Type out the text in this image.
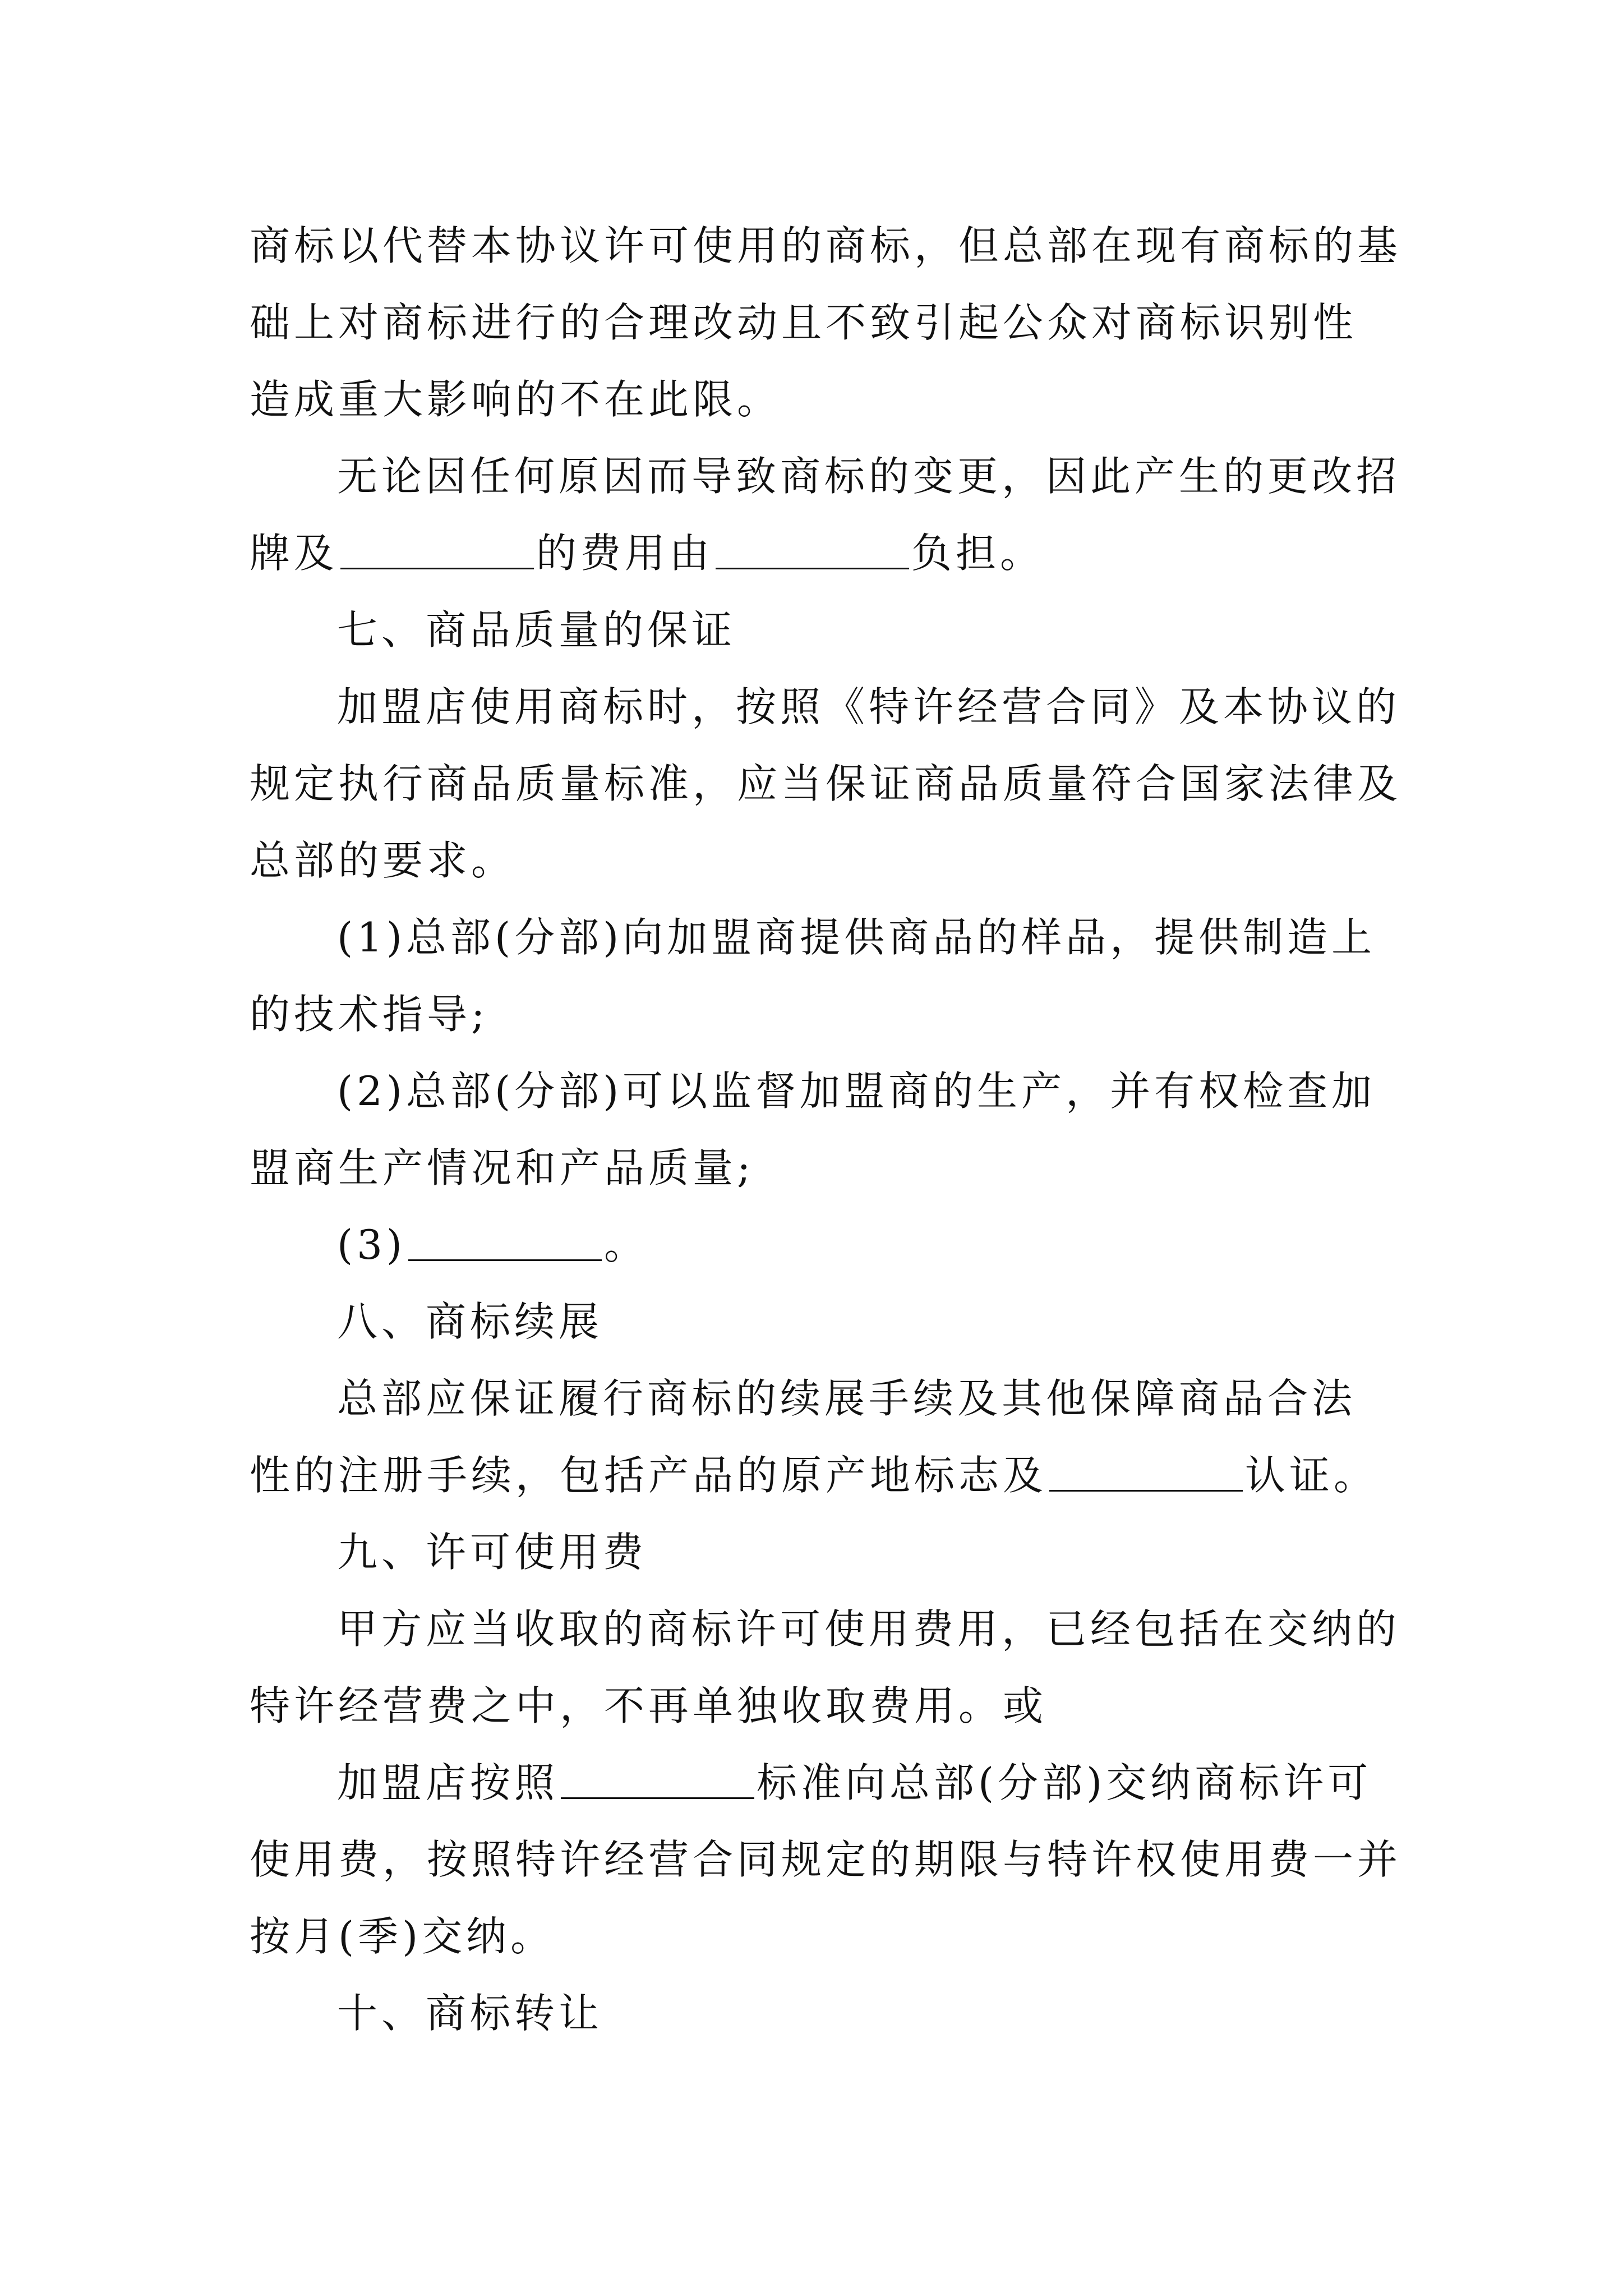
商标以代替本协议许可使用的商标，但总部在现有商标的基
础上对商标进行的合理改动且不致引起公众对商标识别性
造成重大影响的不在此限。
无论因任何原因而导致商标的变更，因此产生的更改招
牌及	的费用由	负担。
七、商品质量的保证
加盟店使用商标时，按照《特许经营合同》及本协议的
规定执行商品质量标准，应当保证商品质量符合国家法律及
总部的要求。
(1)总部(分部)向加盟商提供商品的样品，提供制造上
的技术指导;
(2)总部(分部)可以监督加盟商的生产，并有权检查加
盟商生产情况和产品质量;
(3)	。
八、商标续展
总部应保证履行商标的续展手续及其他保障商品合法
性的注册手续，包括产品的原产地标志及	认证。
九、许可使用费
甲方应当收取的商标许可使用费用，已经包括在交纳的
特许经营费之中，不再单独收取费用。或
加盟店按照	标准向总部(分部)交纳商标许可
使用费，按照特许经营合同规定的期限与特许权使用费一并
按月(季)交纳。
十、商标转让
